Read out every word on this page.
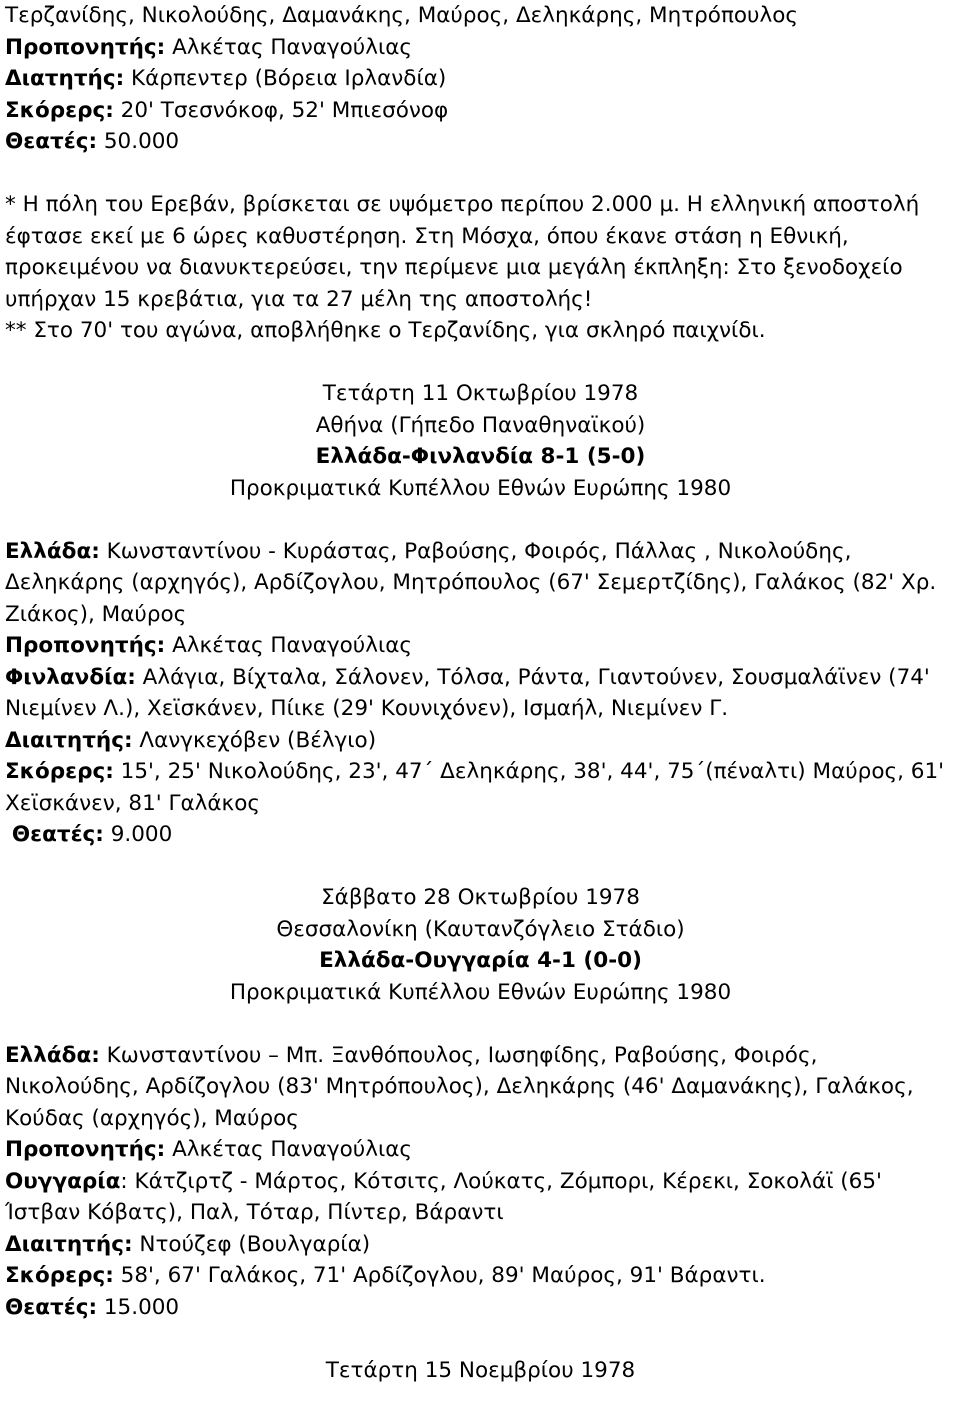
Τερζανίδης, Νικολούδης, Δαμανάκης, Μαύρος, Δεληκάρης, Μητρόπουλος

Προπονητής: Αλκέτας Παναγούλιας

Διατητής: Κάρπεντερ (Βόρεια Ιρλανδία)

Σκόρερς: 20' Τσεσνόκοφ, 52' Μπιεσόνοφ

Θεατές: 50.000

* Η πόλη του Ερεβάν, βρίσκεται σε υψόμετρο περίπου 2.000 μ. Η ελληνική αποστολή έφτασε εκεί με 6 ώρες καθυστέρηση. Στη Μόσχα, όπου έκανε στάση η Εθνική, προκειμένου να διανυκτερεύσει, την περίμενε μια μεγάλη έκπληξη: Στο ξενοδοχείο υπήρχαν 15 κρεβάτια, για τα 27 μέλη της αποστολής!

** Στο 70' του αγώνα, αποβλήθηκε ο Τερζανίδης, για σκληρό παιχνίδι.

Τετάρτη 11 Οκτωβρίου 1978

Αθήνα (Γήπεδο Παναθηναϊκού)

Ελλάδα-Φινλανδία 8-1 (5-0)

Προκριματικά Κυπέλλου Εθνών Ευρώπης 1980

Ελλάδα: Κωνσταντίνου - Κυράστας, Ραβούσης, Φοιρός, Πάλλας , Νικολούδης, Δεληκάρης (αρχηγός), Αρδίζογλου, Μητρόπουλος (67' Σεμερτζίδης), Γαλάκος (82' Χρ. Ζιάκος), Μαύρος

Προπονητής: Αλκέτας Παναγούλιας

Φινλανδία: Αλάγια, Βίχταλα, Σάλονεν, Τόλσα, Ράντα, Γιαντούνεν, Σουσμαλάϊνεν (74' Νιεμίνεν Λ.), Χεϊσκάνεν, Πίικε (29' Κουνιχόνεν), Ισμαήλ, Νιεμίνεν Γ.

Διαιτητής: Λανγκεχόβεν (Βέλγιο)

Σκόρερς: 15', 25' Νικολούδης, 23', 47΄ Δεληκάρης, 38', 44', 75΄(πέναλτι) Μαύρος, 61' Χεϊσκάνεν, 81' Γαλάκος

Θεατές: 9.000

Σάββατο 28 Οκτωβρίου 1978

Θεσσαλονίκη (Καυτανζόγλειο Στάδιο)

Ελλάδα-Ουγγαρία 4-1 (0-0)

Προκριματικά Κυπέλλου Εθνών Ευρώπης 1980

Ελλάδα: Κωνσταντίνου – Μπ. Ξανθόπουλος, Ιωσηφίδης, Ραβούσης, Φοιρός, Νικολούδης, Αρδίζογλου (83' Μητρόπουλος), Δεληκάρης (46' Δαμανάκης), Γαλάκος, Κούδας (αρχηγός), Μαύρος

Προπονητής: Αλκέτας Παναγούλιας

Ουγγαρία: Κάτζιρτζ - Μάρτος, Κότσιτς, Λούκατς, Ζόμπορι, Κέρεκι, Σοκολάϊ (65' Ίστβαν Κόβατς), Παλ, Τόταρ, Πίντερ, Βάραντι

Διαιτητής: Ντούζεφ (Βουλγαρία)

Σκόρερς: 58', 67' Γαλάκος, 71' Αρδίζογλου, 89' Μαύρος, 91' Βάραντι.

Θεατές: 15.000

Τετάρτη 15 Νοεμβρίου 1978
